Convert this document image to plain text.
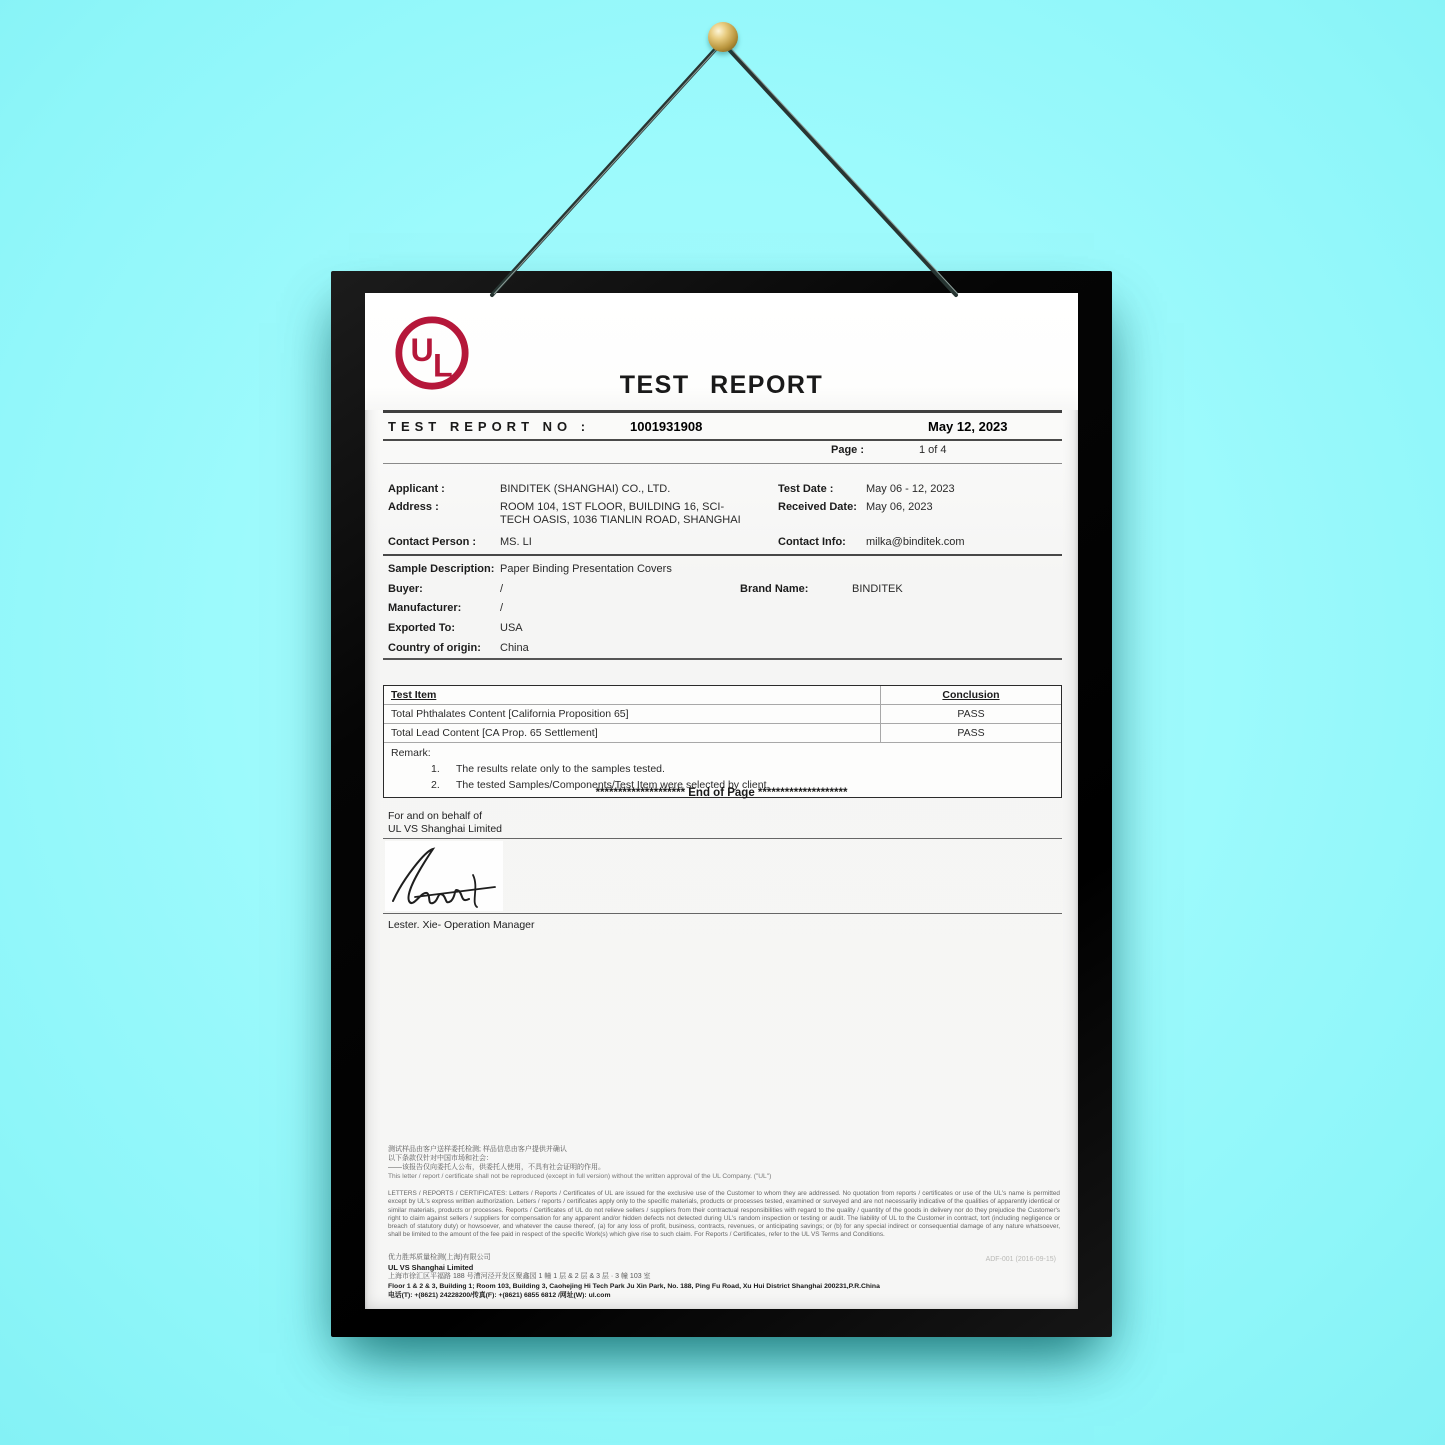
U L
TEST REPORT
TEST REPORT NO :	1001931908	May 12, 2023
Page :	1 of 4
Applicant :	BINDITEK (SHANGHAI) CO., LTD.	Test Date :	May 06 - 12, 2023
Address :	ROOM 104, 1ST FLOOR, BUILDING 16, SCI-TECH OASIS, 1036 TIANLIN ROAD, SHANGHAI
Received Date: May 06, 2023
Contact Person : MS. LI	Contact Info: milka@binditek.com
Sample Description: Paper Binding Presentation Covers
Buyer:	/	Brand Name:	BINDITEK
Manufacturer:	/
Exported To:	USA
Country of origin: China
Test Item	Conclusion
Total Phthalates Content [California Proposition 65]	PASS
Total Lead Content [CA Prop. 65 Settlement]	PASS
Remark:
1. The results relate only to the samples tested.
2. The tested Samples/Components/Test Item were selected by client.
******************** End of Page ********************
For and on behalf of
UL VS Shanghai Limited
Lester. Xie- Operation Manager
测试样品由客户送样委托检测; 样品信息由客户提供并确认
以下条款仅针对中国市场和社会：
——该报告仅向委托人公布，供委托人使用，不具有社会证明的作用。
This letter / report / certificate shall not be reproduced (except in full version) without the written approval of the UL Company. ("UL")
LETTERS / REPORTS / CERTIFICATES: Letters / Reports / Certificates of UL are issued for the exclusive use of the Customer to whom they are addressed. No quotation from reports / certificates or use of the UL's name is permitted except by UL's express written authorization. Letters / reports / certificates apply only to the specific materials, products or processes tested, examined or surveyed and are not necessarily indicative of the qualities of apparently identical or similar materials, products or processes. Reports / Certificates of UL do not relieve sellers / suppliers from their contractual responsibilities with regard to the quality / quantity of the goods in delivery nor do they prejudice the Customer's right to claim against sellers / suppliers for compensation for any apparent and/or hidden defects not detected during UL's random inspection or testing or audit. The liability of UL to the Customer in contract, tort (including negligence or breach of statutory duty) or howsoever, and whatever the cause thereof, (a) for any loss of profit, business, contracts, revenues, or anticipating savings; or (b) for any special indirect or consequential damage of any nature whatsoever, shall be limited to the amount of the fee paid in respect of the specific Work(s) which give rise to such claim. For Reports / Certificates, refer to the UL VS Terms and Conditions.
ADF-001 (2016-09-15)
优力胜邦质量检测(上海)有限公司
UL VS Shanghai Limited
上海市徐汇区平福路 188 号漕河泾开发区聚鑫园 1 幢 1 层 & 2 层 & 3 层 · 3 幢 103 室
Floor 1 & 2 & 3, Building 1; Room 103, Building 3, Caohejing Hi Tech Park Ju Xin Park, No. 188, Ping Fu Road, Xu Hui District Shanghai 200231,P.R.China
电话(T): +(8621) 24228200/传真(F): +(8621) 6855 6812 /网址(W): ul.com
